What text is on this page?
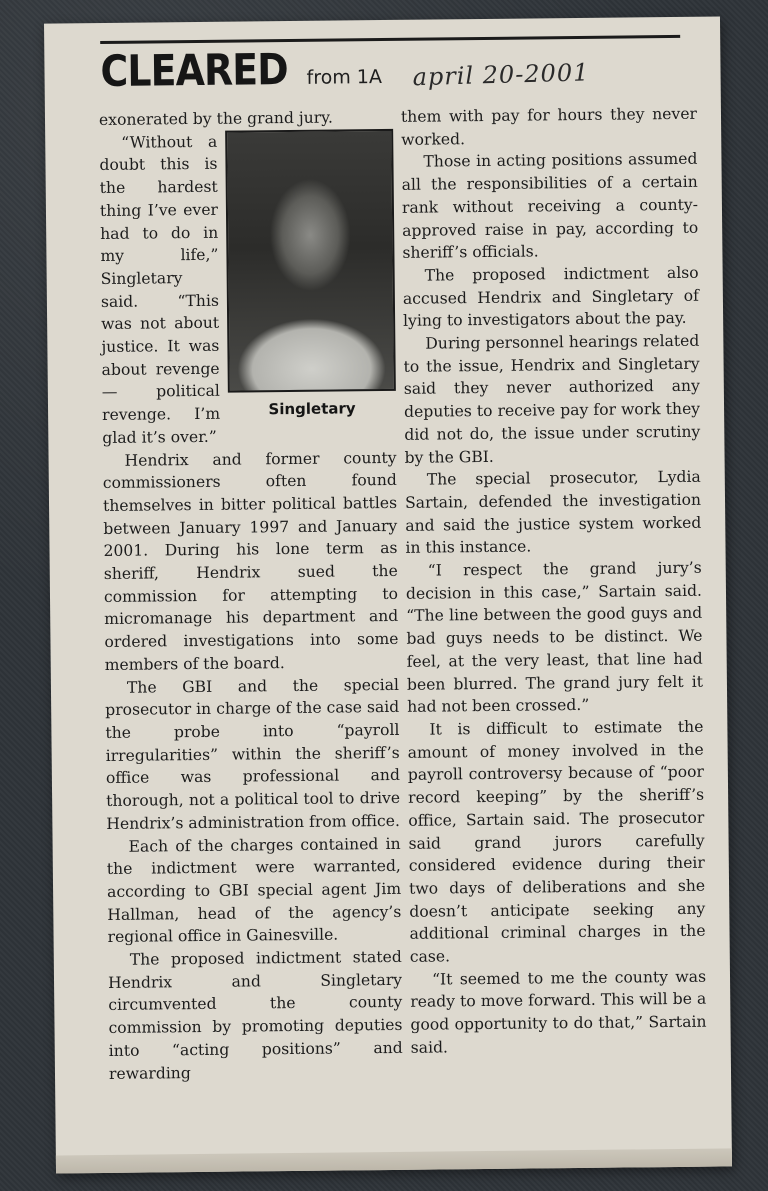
CLEARED from 1A april 20-2001

exonerated by the grand jury.

Singletary

“Without a doubt this is the hardest thing I’ve ever had to do in my life,” Singletary said. “This was not about justice. It was about revenge — political revenge. I’m glad it’s over.”

Hendrix and former county commissioners often found themselves in bitter political battles between January 1997 and January 2001. During his lone term as sheriff, Hendrix sued the commission for attempting to micromanage his department and ordered investigations into some members of the board.

The GBI and the special prosecutor in charge of the case said the probe into “payroll irregularities” within the sheriff’s office was professional and thorough, not a political tool to drive Hendrix’s administration from office.

Each of the charges contained in the indictment were warranted, according to GBI special agent Jim Hallman, head of the agency’s regional office in Gainesville.

The proposed indictment stated Hendrix and Singletary circumvented the county commission by promoting deputies into “acting positions” and rewarding

them with pay for hours they never worked.

Those in acting positions assumed all the responsibilities of a certain rank without receiving a county-approved raise in pay, according to sheriff’s officials.

The proposed indictment also accused Hendrix and Singletary of lying to investigators about the pay.

During personnel hearings related to the issue, Hendrix and Singletary said they never authorized any deputies to receive pay for work they did not do, the issue under scrutiny by the GBI.

The special prosecutor, Lydia Sartain, defended the investigation and said the justice system worked in this instance.

“I respect the grand jury’s decision in this case,” Sartain said. “The line between the good guys and bad guys needs to be distinct. We feel, at the very least, that line had been blurred. The grand jury felt it had not been crossed.”

It is difficult to estimate the amount of money involved in the payroll controversy because of “poor record keeping” by the sheriff’s office, Sartain said. The prosecutor said grand jurors carefully considered evidence during their two days of deliberations and she doesn’t anticipate seeking any additional criminal charges in the case.

“It seemed to me the county was ready to move forward. This will be a good opportunity to do that,” Sartain said.
